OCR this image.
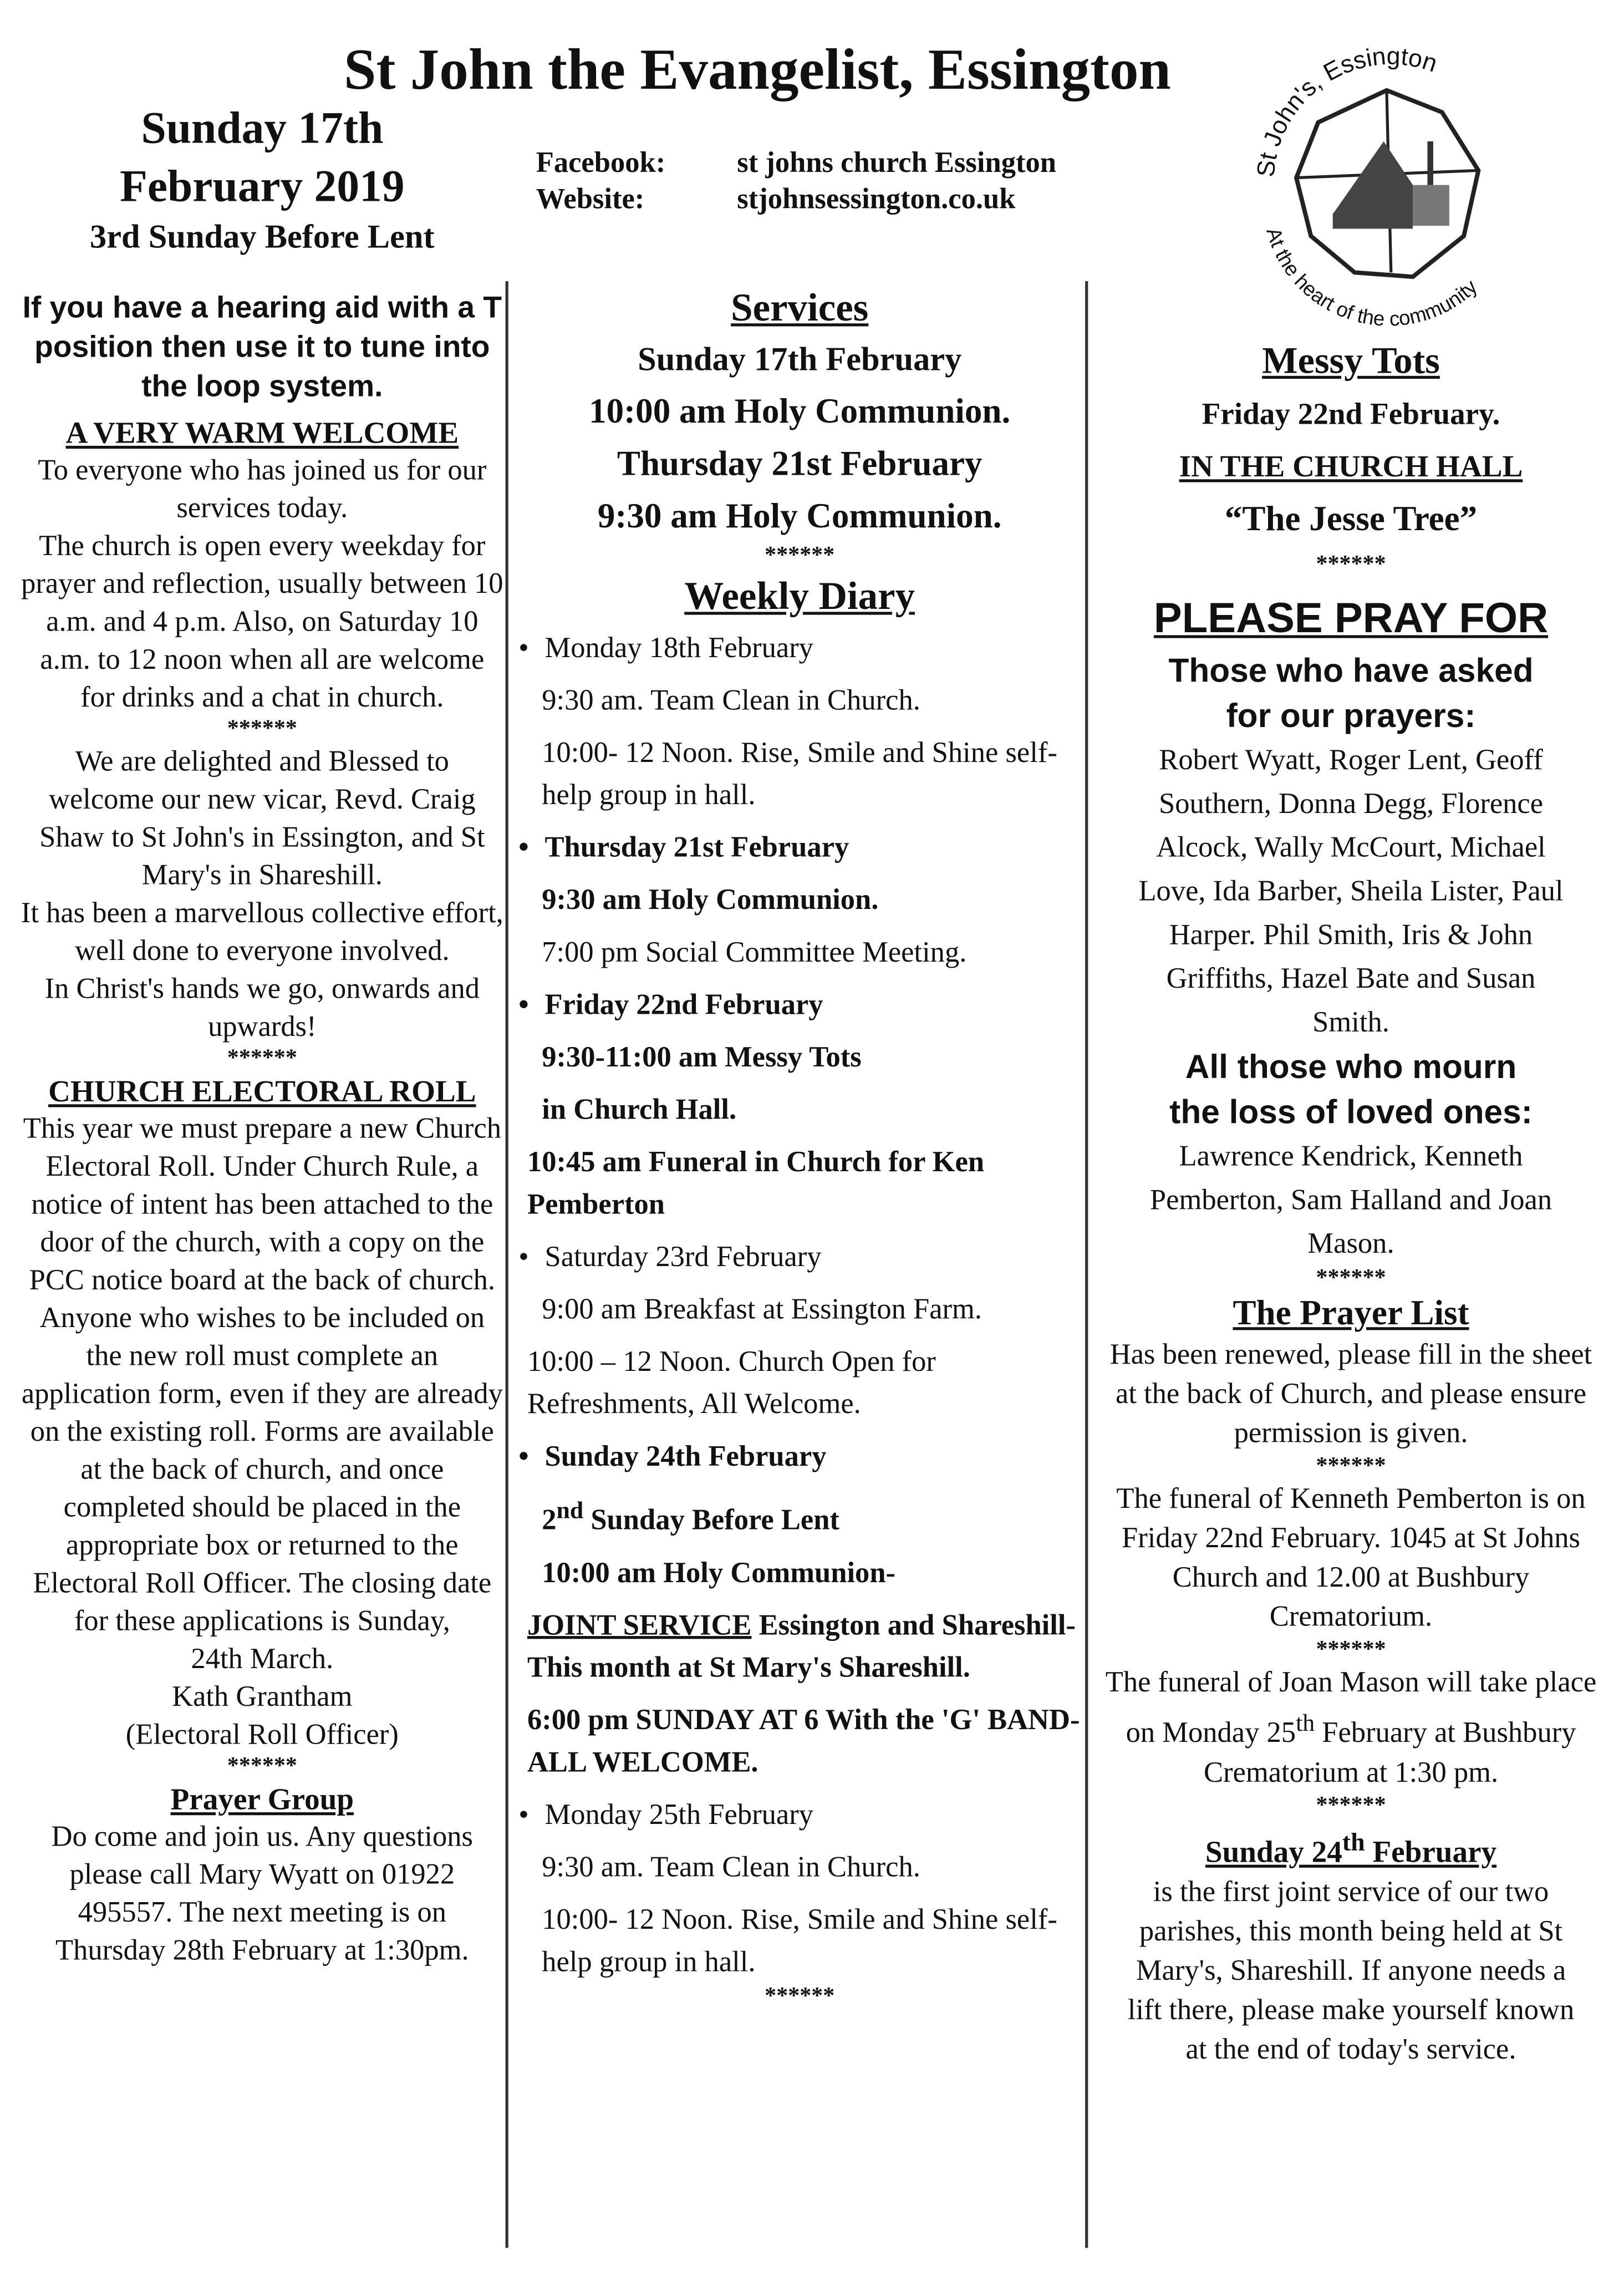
St John the Evangelist, Essington

Sunday 17th

February 2019

3rd Sunday Before Lent

Facebook:	st johns church Essington
Website:	stjohnsessington.co.uk
St John's, Essington
At the heart of the community

If you have a hearing aid with a T position then use it to tune into the loop system.

A VERY WARM WELCOME

To everyone who has joined us for our services today.

The church is open every weekday for prayer and reflection, usually between 10 a.m. and 4 p.m. Also, on Saturday 10 a.m. to 12 noon when all are welcome for drinks and a chat in church.

******

We are delighted and Blessed to welcome our new vicar, Revd. Craig Shaw to St John's in Essington, and St Mary's in Shareshill.

It has been a marvellous collective effort, well done to everyone involved.

In Christ's hands we go, onwards and upwards!

******

CHURCH ELECTORAL ROLL

This year we must prepare a new Church Electoral Roll. Under Church Rule, a notice of intent has been attached to the door of the church, with a copy on the PCC notice board at the back of church. Anyone who wishes to be included on the new roll must complete an application form, even if they are already on the existing roll. Forms are available at the back of church, and once completed should be placed in the appropriate box or returned to the Electoral Roll Officer. The closing date for these applications is Sunday,

24th March.

Kath Grantham

(Electoral Roll Officer)

******

Prayer Group

Do come and join us. Any questions please call Mary Wyatt on 01922 495557. The next meeting is on Thursday 28th February at 1:30pm.

Services

Sunday 17th February

10:00 am Holy Communion.

Thursday 21st February

9:30 am Holy Communion.

******

Weekly Diary

• Monday 18th February

9:30 am. Team Clean in Church.

10:00- 12 Noon. Rise, Smile and Shine self-help group in hall.

• Thursday 21st February

9:30 am Holy Communion.

7:00 pm Social Committee Meeting.

• Friday 22nd February

9:30-11:00 am Messy Tots

in Church Hall.

10:45 am Funeral in Church for Ken Pemberton

• Saturday 23rd February

9:00 am Breakfast at Essington Farm.

10:00 – 12 Noon. Church Open for Refreshments, All Welcome.

• Sunday 24th February

2nd Sunday Before Lent

10:00 am Holy Communion-

JOINT SERVICE Essington and Shareshill-This month at St Mary's Shareshill.

6:00 pm SUNDAY AT 6 With the 'G' BAND-ALL WELCOME.

• Monday 25th February

9:30 am. Team Clean in Church.

10:00- 12 Noon. Rise, Smile and Shine self-help group in hall.

******

Messy Tots

Friday 22nd February.

IN THE CHURCH HALL

“The Jesse Tree”

******

PLEASE PRAY FOR

Those who have asked for our prayers:

Robert Wyatt, Roger Lent, Geoff Southern, Donna Degg, Florence Alcock, Wally McCourt, Michael Love, Ida Barber, Sheila Lister, Paul Harper. Phil Smith, Iris & John Griffiths, Hazel Bate and Susan Smith.

All those who mourn the loss of loved ones:

Lawrence Kendrick, Kenneth Pemberton, Sam Halland and Joan Mason.

******

The Prayer List

Has been renewed, please fill in the sheet at the back of Church, and please ensure permission is given.

******

The funeral of Kenneth Pemberton is on Friday 22nd February. 1045 at St Johns Church and 12.00 at Bushbury Crematorium.

******

The funeral of Joan Mason will take place on Monday 25th February at Bushbury Crematorium at 1:30 pm.

******

Sunday 24th February

is the first joint service of our two parishes, this month being held at St Mary's, Shareshill. If anyone needs a lift there, please make yourself known at the end of today's service.
